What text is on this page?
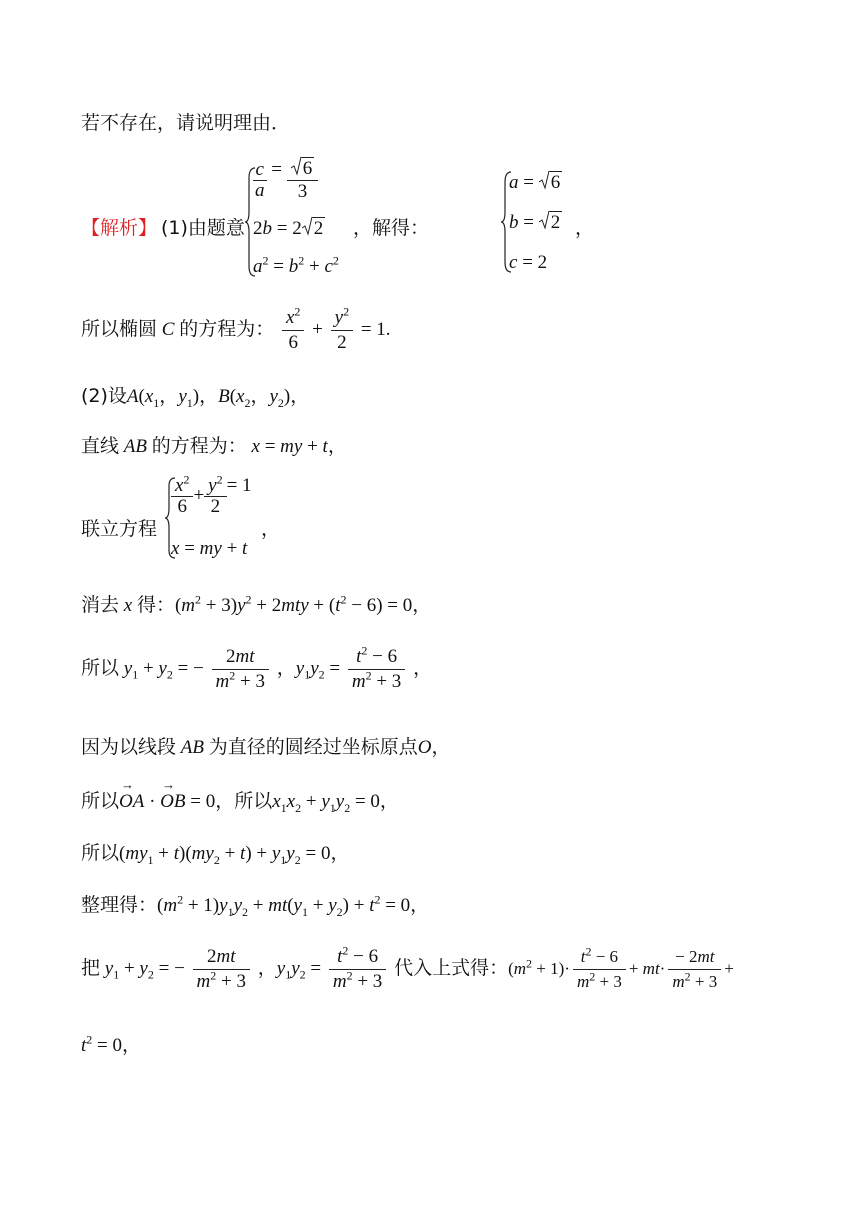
若不存在，请说明理由．
【解析】 (1)由题意
$\frac{c}{a} = \frac{6}{3}$
2b = 2 2
$a^2 = b^2 + c^2$
，解得：
a =
6
b =
2
c = 2
，
所以椭圆 C 的方程为： $\frac{x^2}{6} + \frac{y^2}{2} = 1$.
(2)设$A(x_1$，$y_1$)，$B(x_2$，$y_2$)，
直线 AB 的方程为： x = my + t，
联立方程
$\frac{x^2}{6} + \frac{y^2}{2} = 1$
x = my + t
，
消去 x 得：$(m^2 + 3)y^2 + 2mty + (t^2 - 6) = 0$，
所以 $y_1 + y_2$ = − $\frac{2mt}{m^2 + 3}$ ，$y_1y_2 = \frac{t^2 - 6}{m^2 + 3}$ ，
因为以线段 AB 为直径的圆经过坐标原点O，
所以OA → · OB → = 0，所以$x_1x_2 + y_1y_2 = 0$，
所以$(my_1 + t)(my_2 + t) + y_1y_2 = 0$，
整理得：$(m^2 + 1)y_1y_2 + mt(y_1 + y_2) + t^2 = 0$，
把 $y_1 + y_2$ = − $\frac{2mt}{m^2 + 3}$ ，$y_1y_2 = \frac{t^2 - 6}{m^2 + 3}$ 代入上式得：$(m^2 + 1)\cdot \frac{t^2 - 6}{m^2 + 3} + mt\cdot \frac{- 2mt}{m^2 + 3}$ +
$t^2 = 0$，
